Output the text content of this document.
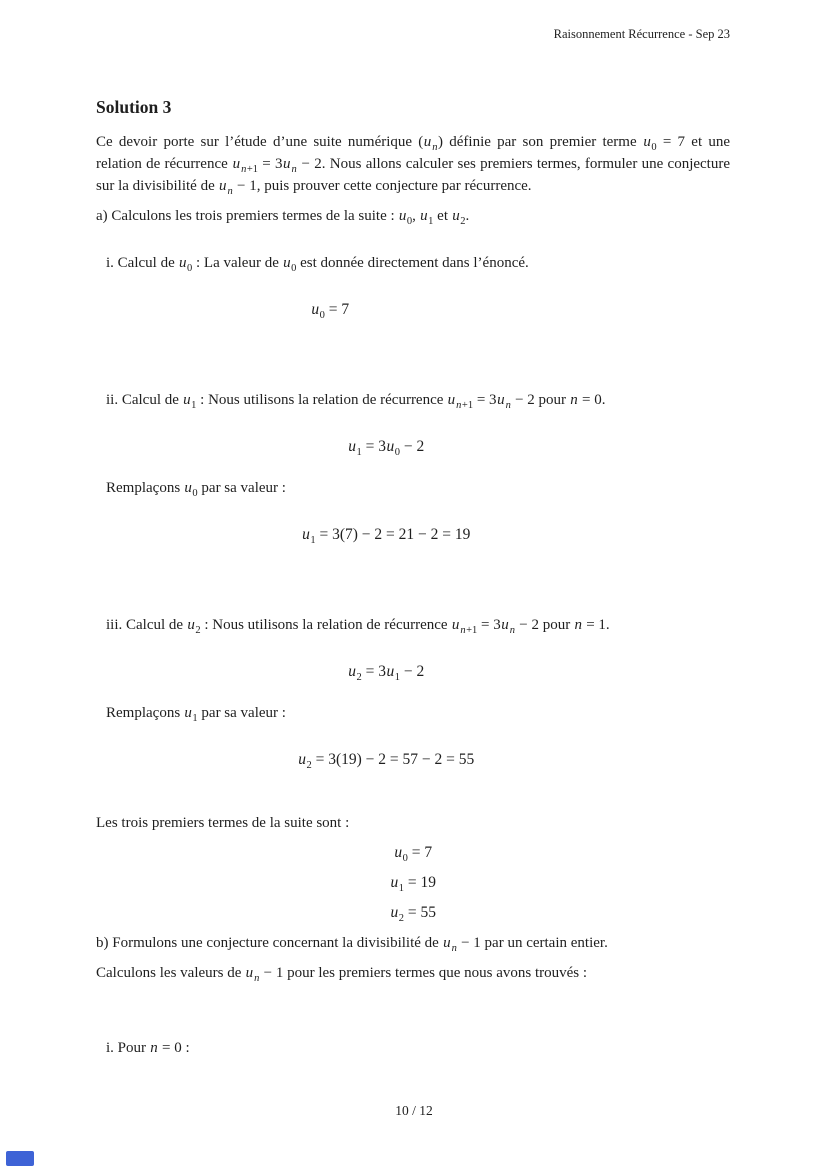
Raisonnement Récurrence - Sep 23
Solution 3
Ce devoir porte sur l’étude d’une suite numérique $(u_n)$ définie par son premier terme $u_0 = 7$ et une relation de récurrence $u_{n+1} = 3u_n - 2$. Nous allons calculer ses premiers termes, formuler une conjecture sur la divisibilité de $u_n - 1$, puis prouver cette conjecture par récurrence.
a) Calculons les trois premiers termes de la suite : $u_0$, $u_1$ et $u_2$.
i. Calcul de $u_0$ : La valeur de $u_0$ est donnée directement dans l’énoncé.
$u_0 = 7$
ii. Calcul de $u_1$ : Nous utilisons la relation de récurrence $u_{n+1} = 3u_n - 2$ pour n = 0.
$u_1 = 3u_0 - 2$
Remplaçons $u_0$ par sa valeur :
$u_1 = 3(7) - 2 = 21 - 2 = 19$
iii. Calcul de $u_2$ : Nous utilisons la relation de récurrence $u_{n+1} = 3u_n - 2$ pour n = 1.
$u_2 = 3u_1 - 2$
Remplaçons $u_1$ par sa valeur :
$u_2 = 3(19) - 2 = 57 - 2 = 55$
Les trois premiers termes de la suite sont :
$u_0 = 7$
$u_1 = 19$
$u_2 = 55$
b) Formulons une conjecture concernant la divisibilité de $u_n - 1$ par un certain entier.
Calculons les valeurs de $u_n - 1$ pour les premiers termes que nous avons trouvés :
i. Pour n = 0 :
10 / 12
